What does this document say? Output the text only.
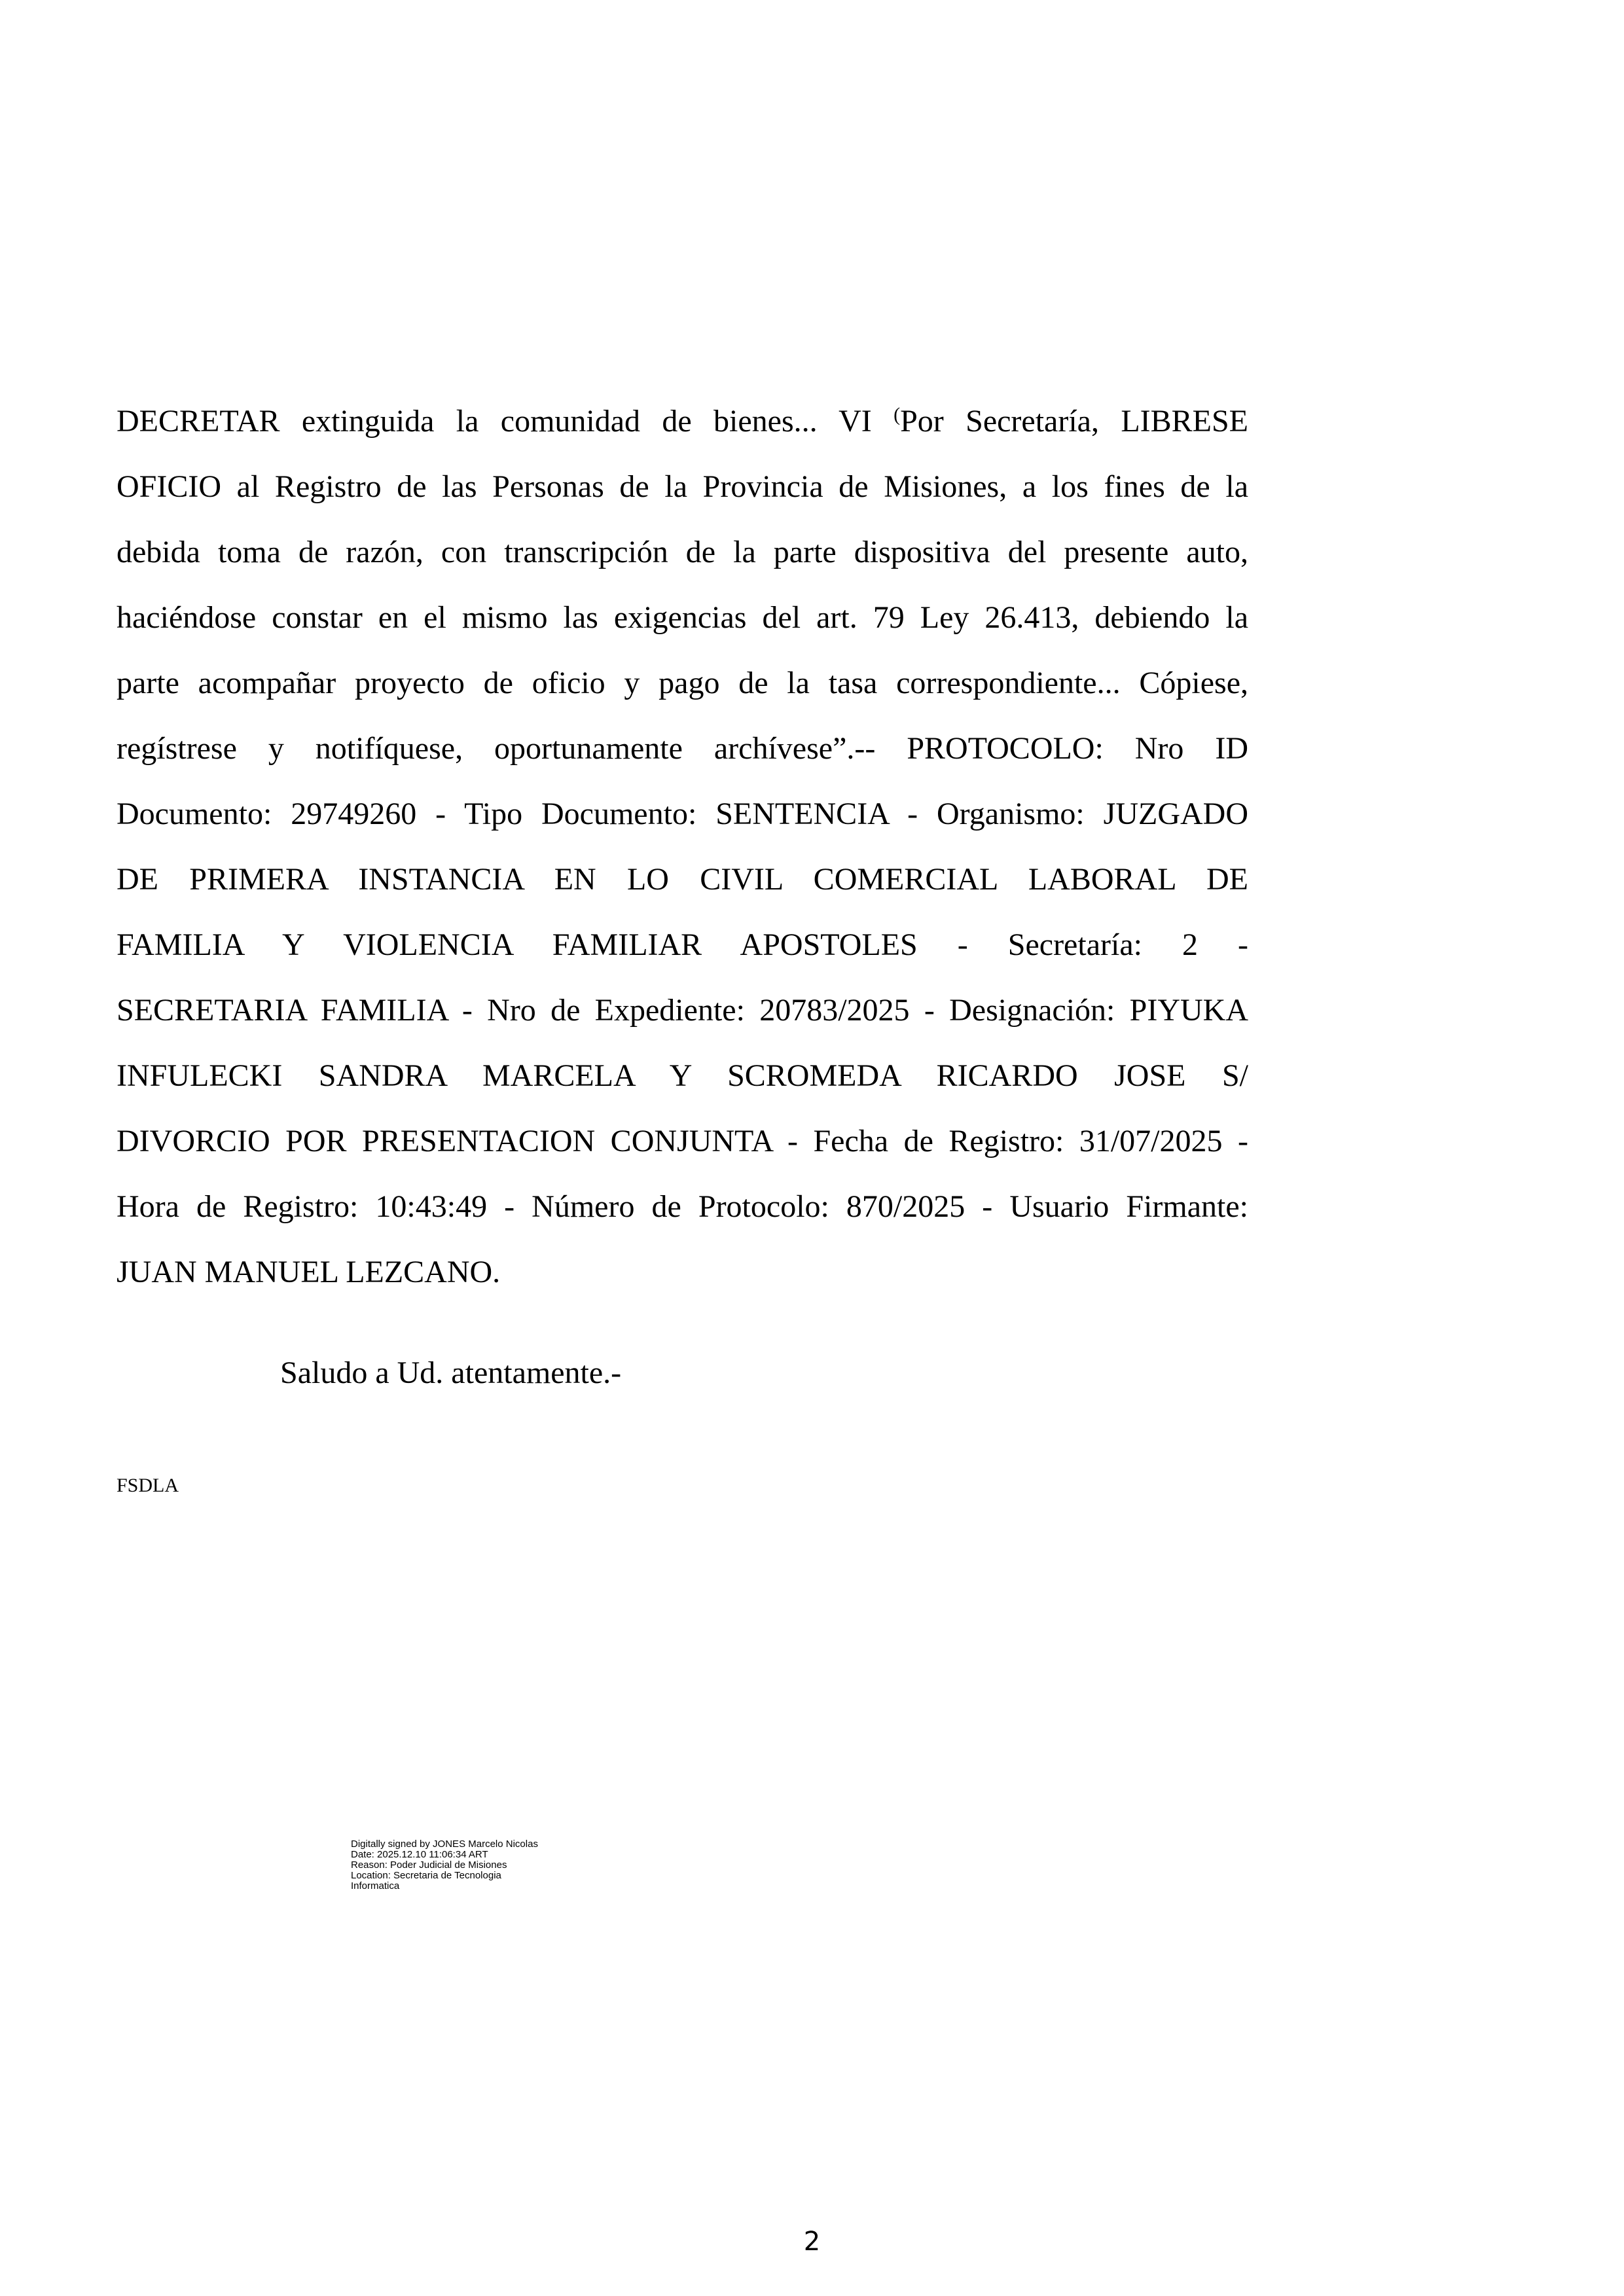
DECRETAR extinguida la comunidad de bienes... VI (Por Secretaría, LIBRESE
OFICIO al Registro de las Personas de la Provincia de Misiones, a los fines de la
debida toma de razón, con transcripción de la parte dispositiva del presente auto,
haciéndose constar en el mismo las exigencias del art. 79 Ley 26.413, debiendo la
parte acompañar proyecto de oficio y pago de la tasa correspondiente... Cópiese,
regístrese y notifíquese, oportunamente archívese”.-- PROTOCOLO: Nro ID
Documento: 29749260 - Tipo Documento: SENTENCIA - Organismo: JUZGADO
DE PRIMERA INSTANCIA EN LO CIVIL COMERCIAL LABORAL DE
FAMILIA Y VIOLENCIA FAMILIAR APOSTOLES - Secretaría: 2 -
SECRETARIA FAMILIA - Nro de Expediente: 20783/2025 - Designación: PIYUKA
INFULECKI SANDRA MARCELA Y SCROMEDA RICARDO JOSE S/
DIVORCIO POR PRESENTACION CONJUNTA - Fecha de Registro: 31/07/2025 -
Hora de Registro: 10:43:49 - Número de Protocolo: 870/2025 - Usuario Firmante:
JUAN MANUEL LEZCANO.
Saludo a Ud. atentamente.-
FSDLA
Digitally signed by JONES Marcelo Nicolas
Date: 2025.12.10 11:06:34 ART
Reason: Poder Judicial de Misiones
Location: Secretaria de Tecnologia
Informatica
2
